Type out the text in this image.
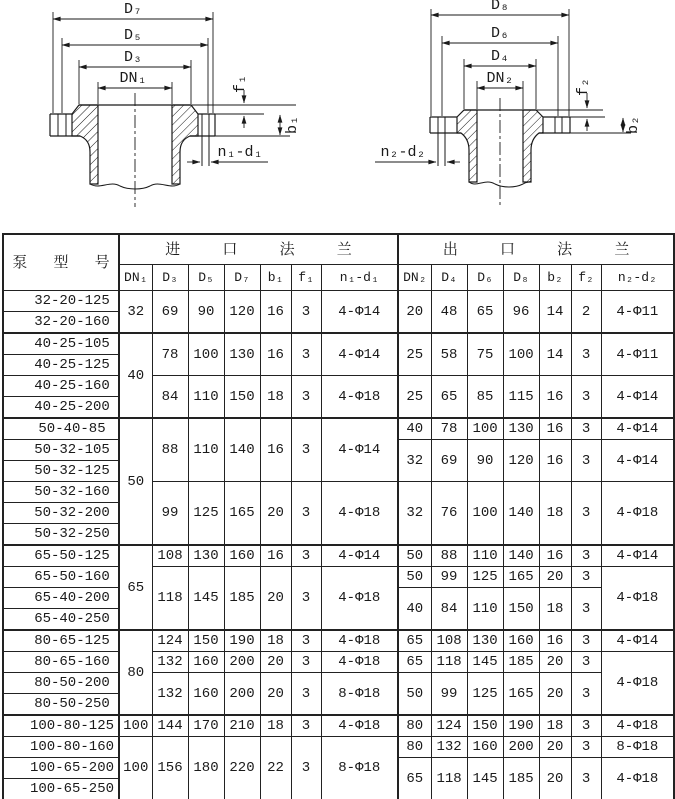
D₇
D₅
D₃
DN₁	f₁
b₁
n₁-d₁
D₈
D₆
D₄
DN₂	f₂
b₂
n₂-d₂
泵 型 号	进 口 法 兰							出 口 法 兰						
	DN₁	D₃	D₅	D₇	b₁	f₁	n₁-d₁	DN₂	D₄	D₆	D₈	b₂	f₂	n₂-d₂
32-20-125	32	69	90	120	16	3	4-Φ14	20	48	65	96	14	2	4-Φ11
32-20-160														
40-25-105	40	78	100	130	16	3	4-Φ14	25	58	75	100	14	3	4-Φ11
40-25-125														
40-25-160		84	110	150	18	3	4-Φ18	25	65	85	115	16	3	4-Φ14
40-25-200														
50-40-85	50	88	110	140	16	3	4-Φ14	40	78	100	130	16	3	4-Φ14
50-32-105								32	69	90	120	16	3	4-Φ14
50-32-125														
50-32-160		99	125	165	20	3	4-Φ18	32	76	100	140	18	3	4-Φ18
50-32-200														
50-32-250														
65-50-125	65	108	130	160	16	3	4-Φ14	50	88	110	140	16	3	4-Φ14
65-50-160		118	145	185	20	3	4-Φ18	50	99	125	165	20	3	4-Φ18
65-40-200								40	84	110	150	18	3	
65-40-250														
80-65-125	80	124	150	190	18	3	4-Φ18	65	108	130	160	16	3	4-Φ14
80-65-160		132	160	200	20	3	4-Φ18	65	118	145	185	20	3	4-Φ18
80-50-200		132	160	200	20	3	8-Φ18	50	99	125	165	20	3	
80-50-250														
100-80-125	100	144	170	210	18	3	4-Φ18	80	124	150	190	18	3	4-Φ18
100-80-160	100	156	180	220	22	3	8-Φ18	80	132	160	200	20	3	8-Φ18
100-65-200								65	118	145	185	20	3	4-Φ18
100-65-250														
